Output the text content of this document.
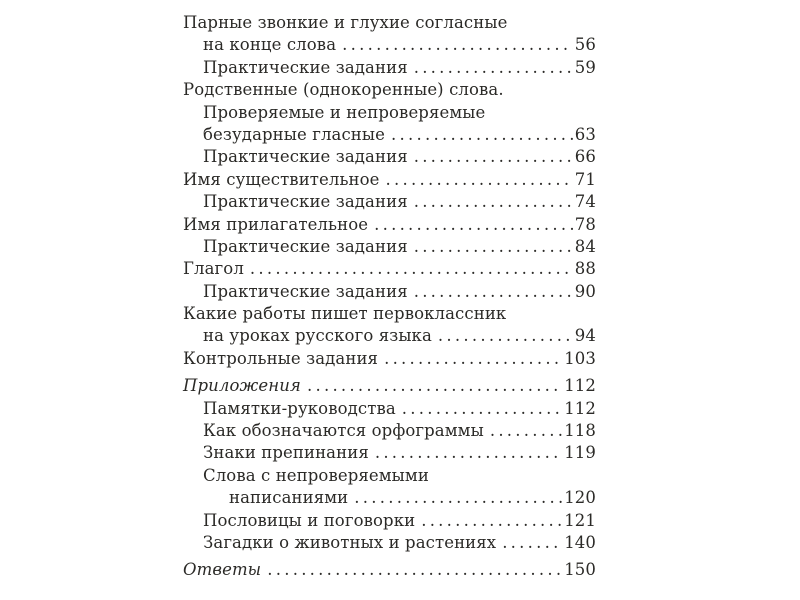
Парные звонкие и глухие согласные
на конце слова . . .	56
Практические задания . . .	59
Родственные (однокоренные) слова.
Проверяемые и непроверяемые
безударные гласные . . .	63
Практические задания . . .	66
Имя существительное . . .	71
Практические задания . . .	74
Имя прилагательное . . .	78
Практические задания . . .	84
Глагол . . .	88
Практические задания . . .	90
Какие работы пишет первоклассник
на уроках русского языка . . .	94
Контрольные задания . . .	103
Приложения . . .	112
Памятки-руководства . . .	112
Как обозначаются орфограммы . . .	118
Знаки препинания . . .	119
Слова с непроверяемыми
написаниями . . .	120
Пословицы и поговорки . . .	121
Загадки о животных и растениях . . .	140
Ответы . . .	150
